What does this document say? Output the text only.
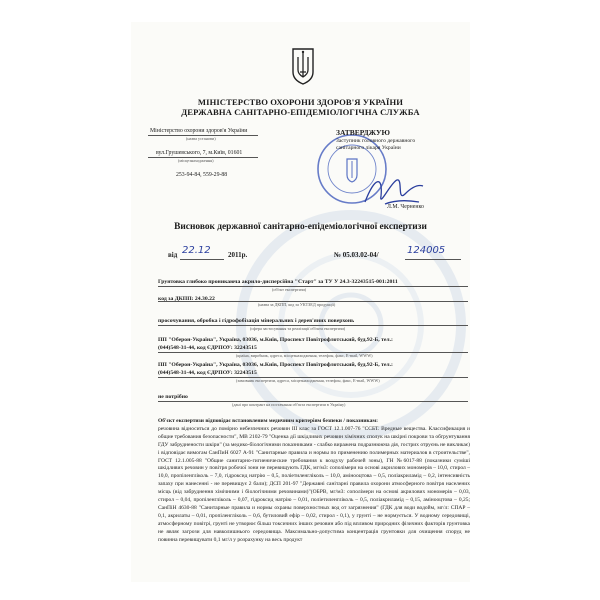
МІНІСТЕРСТВО ОХОРОНИ ЗДОРОВ'Я УКРАЇНИ
ДЕРЖАВНА САНІТАРНО-ЕПІДЕМІОЛОГІЧНА СЛУЖБА
Міністерство охорони здоров'я України
(назва установи)
вул.Грушевського, 7, м.Київ, 01601
(місцезнаходження)
253-94-84, 559-29-88
ЗАТВЕРДЖУЮ
Заступник головного державного
санітарного лікаря України
Л.М. Черненко
Висновок державної санітарно-епідеміологічної експертизи
від 22.12 2011р.	№ 05.03.02-04/	124005
Грунтовка глибоко проникаюча акрило-дисперсійна "Старт" за ТУ У 24.3-32243515-001:2011
(об'єкт експертизи)
(назва за ДКПП, код за УКТЗЕД продукції)
код за ДКПП: 24.30.22
просочування, обробка і гідрофобізація мінеральних і дерев'яних поверхонь
(сфера застосування та реалізації об'єкта експертизи)
ПП "Оберон-Україна", Україна, 03036, м.Київ, Проспект Повітрофлотський, буд.92-Б, тел.:
(044)548-31-44, код ЄДРПОУ: 32243515
(країна, виробник, адреса, місцезнаходження, телефон, факс, E-mail, WWW)
ПП "Оберон-Україна", Україна, 03036, м.Київ, Проспект Повітрофлотський, буд.92-Б, тел.:
(044)548-31-44, код ЄДРПОУ: 32243515
(замовник експертизи, адреса, місцезнаходження, телефон, факс, E-mail, WWW)
не потрібно
(дані про контракт на постачання об'єкта експертизи в Україну)
Об'єкт експертизи відповідає встановленим медичним критеріям безпеки / показникам:
речовина відноситься до помірно небезпечних речовин III клас за ГОСТ 12.1.007-76 "ССБТ. Вредные вещества. Классификация и общие требования безопасности", МВ 2102-79 "Оценка дії шкідливих речовин хімічних сполук на шкірні покрови та обгрунтування ГДУ забрудненоcти шкіри" (за медико-біологічними показниками - слабко виражена подразнююча дія, гострих отруєнь не викликає) і відповідає вимогам СанПиН 6027 А-91 "Санитарные правила и нормы по применению полимерных материалов в строительстве", ГОСТ 12.1.005-88 "Общие санитарно-гигиенические требования к воздуху рабочей зоны), ГН №6017-88 (показники суміші шкідливих речовин у повітря робочої зони не перевищують ГДК, мг/м3: сополімери на основі акрилових мономерів – 10,0, стирол – 10,0, пропіленгліколь – 7,0, гідроксид натрію – 0,5, поліетиленгліколь – 10,0, амінооцтова – 0,5, поліакриламід – 0,2, інтенсивність запаху при нанесенні - не перевищує 2 бали); ДСП 201-97 "Державні санітарні правила охорони атмосферного повітря населених місць (від забруднення хімічними і біологічними речовинами)"(ОБРВ, мг/м3: сополімери на основі акрилових мономерів – 0,03, стирол – 0,04, пропіленгліколь – 0,07, гідроксид натрію – 0,01, поліетиленгліколь – 0,5, поліакриламід – 0,15, амінооцтова – 0,25; СанПіН 4630-88 "Санитарные правила и нормы охраны поверхностных вод от загрязнения" (ГДК для води водойм, мг/л: СПАР – 0,1, акрилаты – 0,01, пропіленгліколь – 0,6, бутиловий ефір – 0,02, стирол - 0,1), у грунті – не нормується. У водному середовищі, атмосферному повітрі, грунті не утворює більш токсичних інших речовин або під впливом природних фізичних факторів грунтовка не являє загрози для навколишнього середовища. Максимально-допустима концентрація грунтовки для очищення споруд не повинна перевищувати 0,1 мг/л у розрахунку на весь продукт
